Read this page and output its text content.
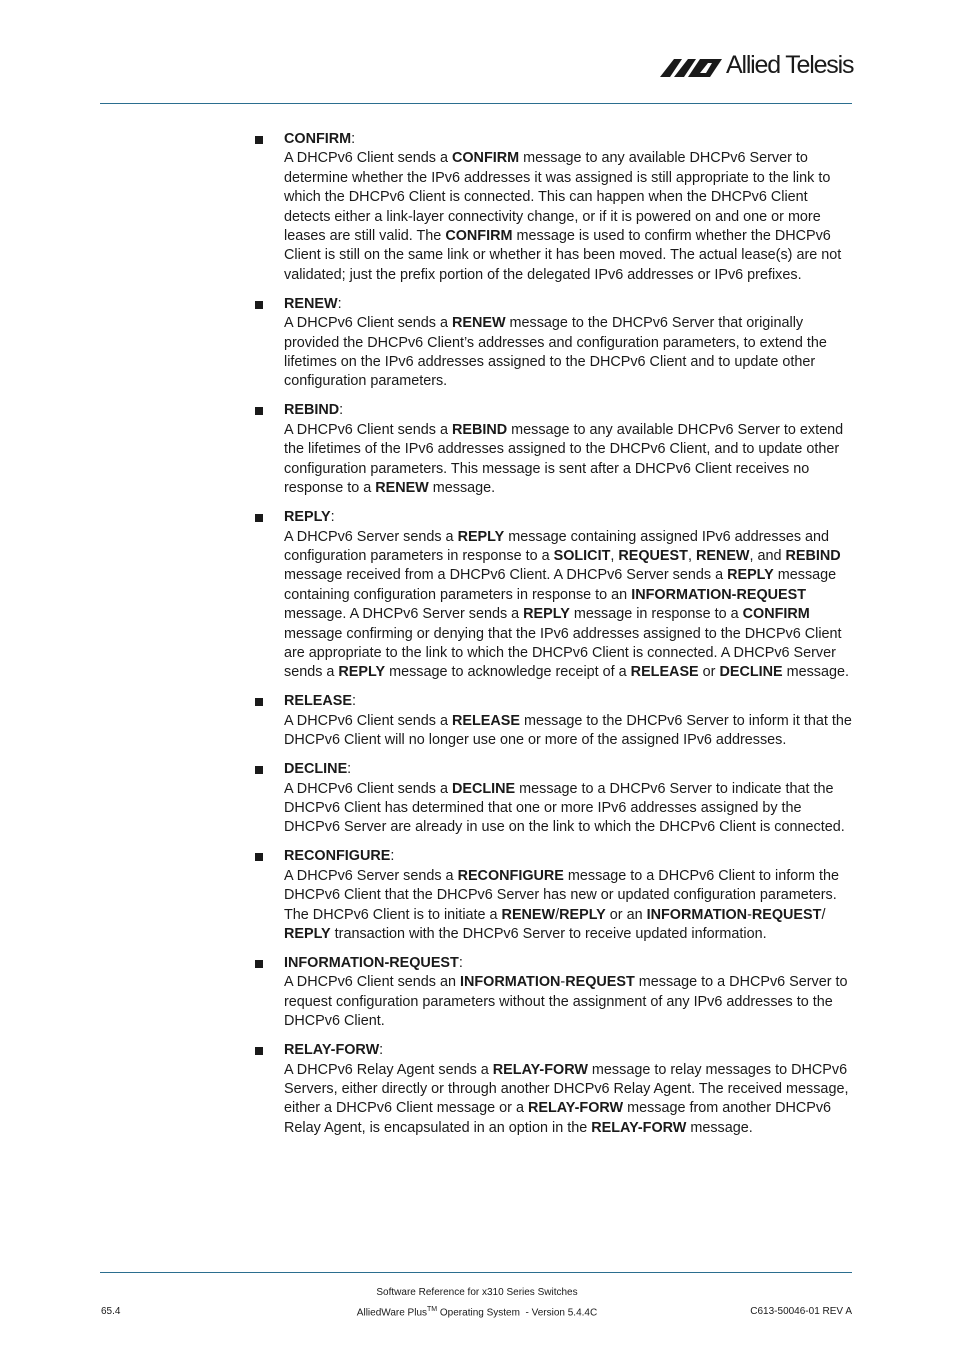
Allied Telesis
CONFIRM:
A DHCPv6 Client sends a CONFIRM message to any available DHCPv6 Server to determine whether the IPv6 addresses it was assigned is still appropriate to the link to which the DHCPv6 Client is connected. This can happen when the DHCPv6 Client detects either a link-layer connectivity change, or if it is powered on and one or more leases are still valid. The CONFIRM message is used to confirm whether the DHCPv6 Client is still on the same link or whether it has been moved. The actual lease(s) are not validated; just the prefix portion of the delegated IPv6 addresses or IPv6 prefixes.
RENEW:
A DHCPv6 Client sends a RENEW message to the DHCPv6 Server that originally provided the DHCPv6 Client’s addresses and configuration parameters, to extend the lifetimes on the IPv6 addresses assigned to the DHCPv6 Client and to update other configuration parameters.
REBIND:
A DHCPv6 Client sends a REBIND message to any available DHCPv6 Server to extend the lifetimes of the IPv6 addresses assigned to the DHCPv6 Client, and to update other configuration parameters. This message is sent after a DHCPv6 Client receives no response to a RENEW message.
REPLY:
A DHCPv6 Server sends a REPLY message containing assigned IPv6 addresses and configuration parameters in response to a SOLICIT, REQUEST, RENEW, and REBIND message received from a DHCPv6 Client. A DHCPv6 Server sends a REPLY message containing configuration parameters in response to an INFORMATION-REQUEST message. A DHCPv6 Server sends a REPLY message in response to a CONFIRM message confirming or denying that the IPv6 addresses assigned to the DHCPv6 Client are appropriate to the link to which the DHCPv6 Client is connected. A DHCPv6 Server sends a REPLY message to acknowledge receipt of a RELEASE or DECLINE message.
RELEASE:
A DHCPv6 Client sends a RELEASE message to the DHCPv6 Server to inform it that the DHCPv6 Client will no longer use one or more of the assigned IPv6 addresses.
DECLINE:
A DHCPv6 Client sends a DECLINE message to a DHCPv6 Server to indicate that the DHCPv6 Client has determined that one or more IPv6 addresses assigned by the DHCPv6 Server are already in use on the link to which the DHCPv6 Client is connected.
RECONFIGURE:
A DHCPv6 Server sends a RECONFIGURE message to a DHCPv6 Client to inform the DHCPv6 Client that the DHCPv6 Server has new or updated configuration parameters. The DHCPv6 Client is to initiate a RENEW/REPLY or an INFORMATION-REQUEST/ REPLY transaction with the DHCPv6 Server to receive updated information.
INFORMATION-REQUEST:
A DHCPv6 Client sends an INFORMATION-REQUEST message to a DHCPv6 Server to request configuration parameters without the assignment of any IPv6 addresses to the DHCPv6 Client.
RELAY-FORW:
A DHCPv6 Relay Agent sends a RELAY-FORW message to relay messages to DHCPv6 Servers, either directly or through another DHCPv6 Relay Agent. The received message, either a DHCPv6 Client message or a RELAY-FORW message from another DHCPv6 Relay Agent, is encapsulated in an option in the RELAY-FORW message.
Software Reference for x310 Series Switches
65.4	AlliedWare Plus™ Operating System  - Version 5.4.4C	C613-50046-01 REV A
